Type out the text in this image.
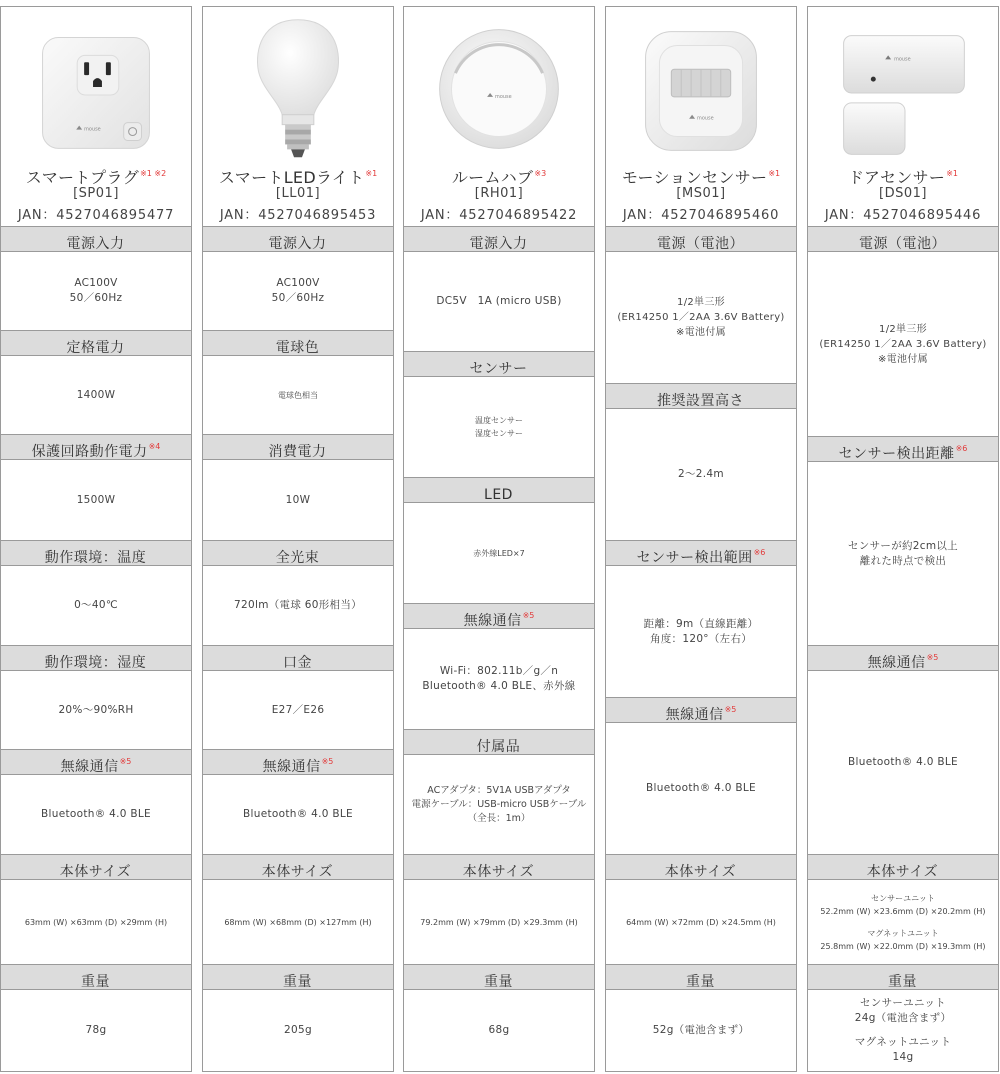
mouse
スマートプラグ$^{※1 ※2}$
[SP01]
JAN：4527046895477
電源入力
AC100V
50／60Hz
定格電力
1400W
保護回路動作電力$^{※4}$
1500W
動作環境：温度
0～40℃
動作環境：湿度
20%～90%RH
無線通信$^{※5}$
Bluetooth® 4.0 BLE
本体サイズ
63mm (W) ×63mm (D) ×29mm (H)
重量
78g
スマートLEDライト$^{※1}$
[LL01]
JAN：4527046895453
電源入力
AC100V
50／60Hz
電球色
電球色相当
消費電力
10W
全光束
720lm（電球 60形相当）
口金
E27／E26
無線通信$^{※5}$
Bluetooth® 4.0 BLE
本体サイズ
68mm (W) ×68mm (D) ×127mm (H)
重量
205g
mouse
ルームハブ$^{※3}$
[RH01]
JAN：4527046895422
電源入力
DC5V　1A (micro USB)
センサー
温度センサー
湿度センサー
LED
赤外線LED×7
無線通信$^{※5}$
Wi-Fi：802.11b／g／n
Bluetooth® 4.0 BLE、赤外線
付属品
ACアダプタ：5V1A USBアダプタ
電源ケーブル：USB-micro USBケーブル
（全長：1m）
本体サイズ
79.2mm (W) ×79mm (D) ×29.3mm (H)
重量
68g
mouse
モーションセンサー$^{※1}$
[MS01]
JAN：4527046895460
電源（電池）
1/2単三形
(ER14250 1／2AA 3.6V Battery)
※電池付属
推奨設置高さ
2～2.4m
センサー検出範囲$^{※6}$
距離：9m（直線距離）
角度：120°（左右）
無線通信$^{※5}$
Bluetooth® 4.0 BLE
本体サイズ
64mm (W) ×72mm (D) ×24.5mm (H)
重量
52g（電池含まず）
mouse
ドアセンサー$^{※1}$
[DS01]
JAN：4527046895446
電源（電池）
1/2単三形
(ER14250 1／2AA 3.6V Battery)
※電池付属
センサー検出距離$^{※6}$
センサーが約2cm以上
離れた時点で検出
無線通信$^{※5}$
Bluetooth® 4.0 BLE
本体サイズ
センサーユニット
52.2mm (W) ×23.6mm (D) ×20.2mm (H)
マグネットユニット
25.8mm (W) ×22.0mm (D) ×19.3mm (H)
重量
センサーユニット
24g（電池含まず）
マグネットユニット
14g
